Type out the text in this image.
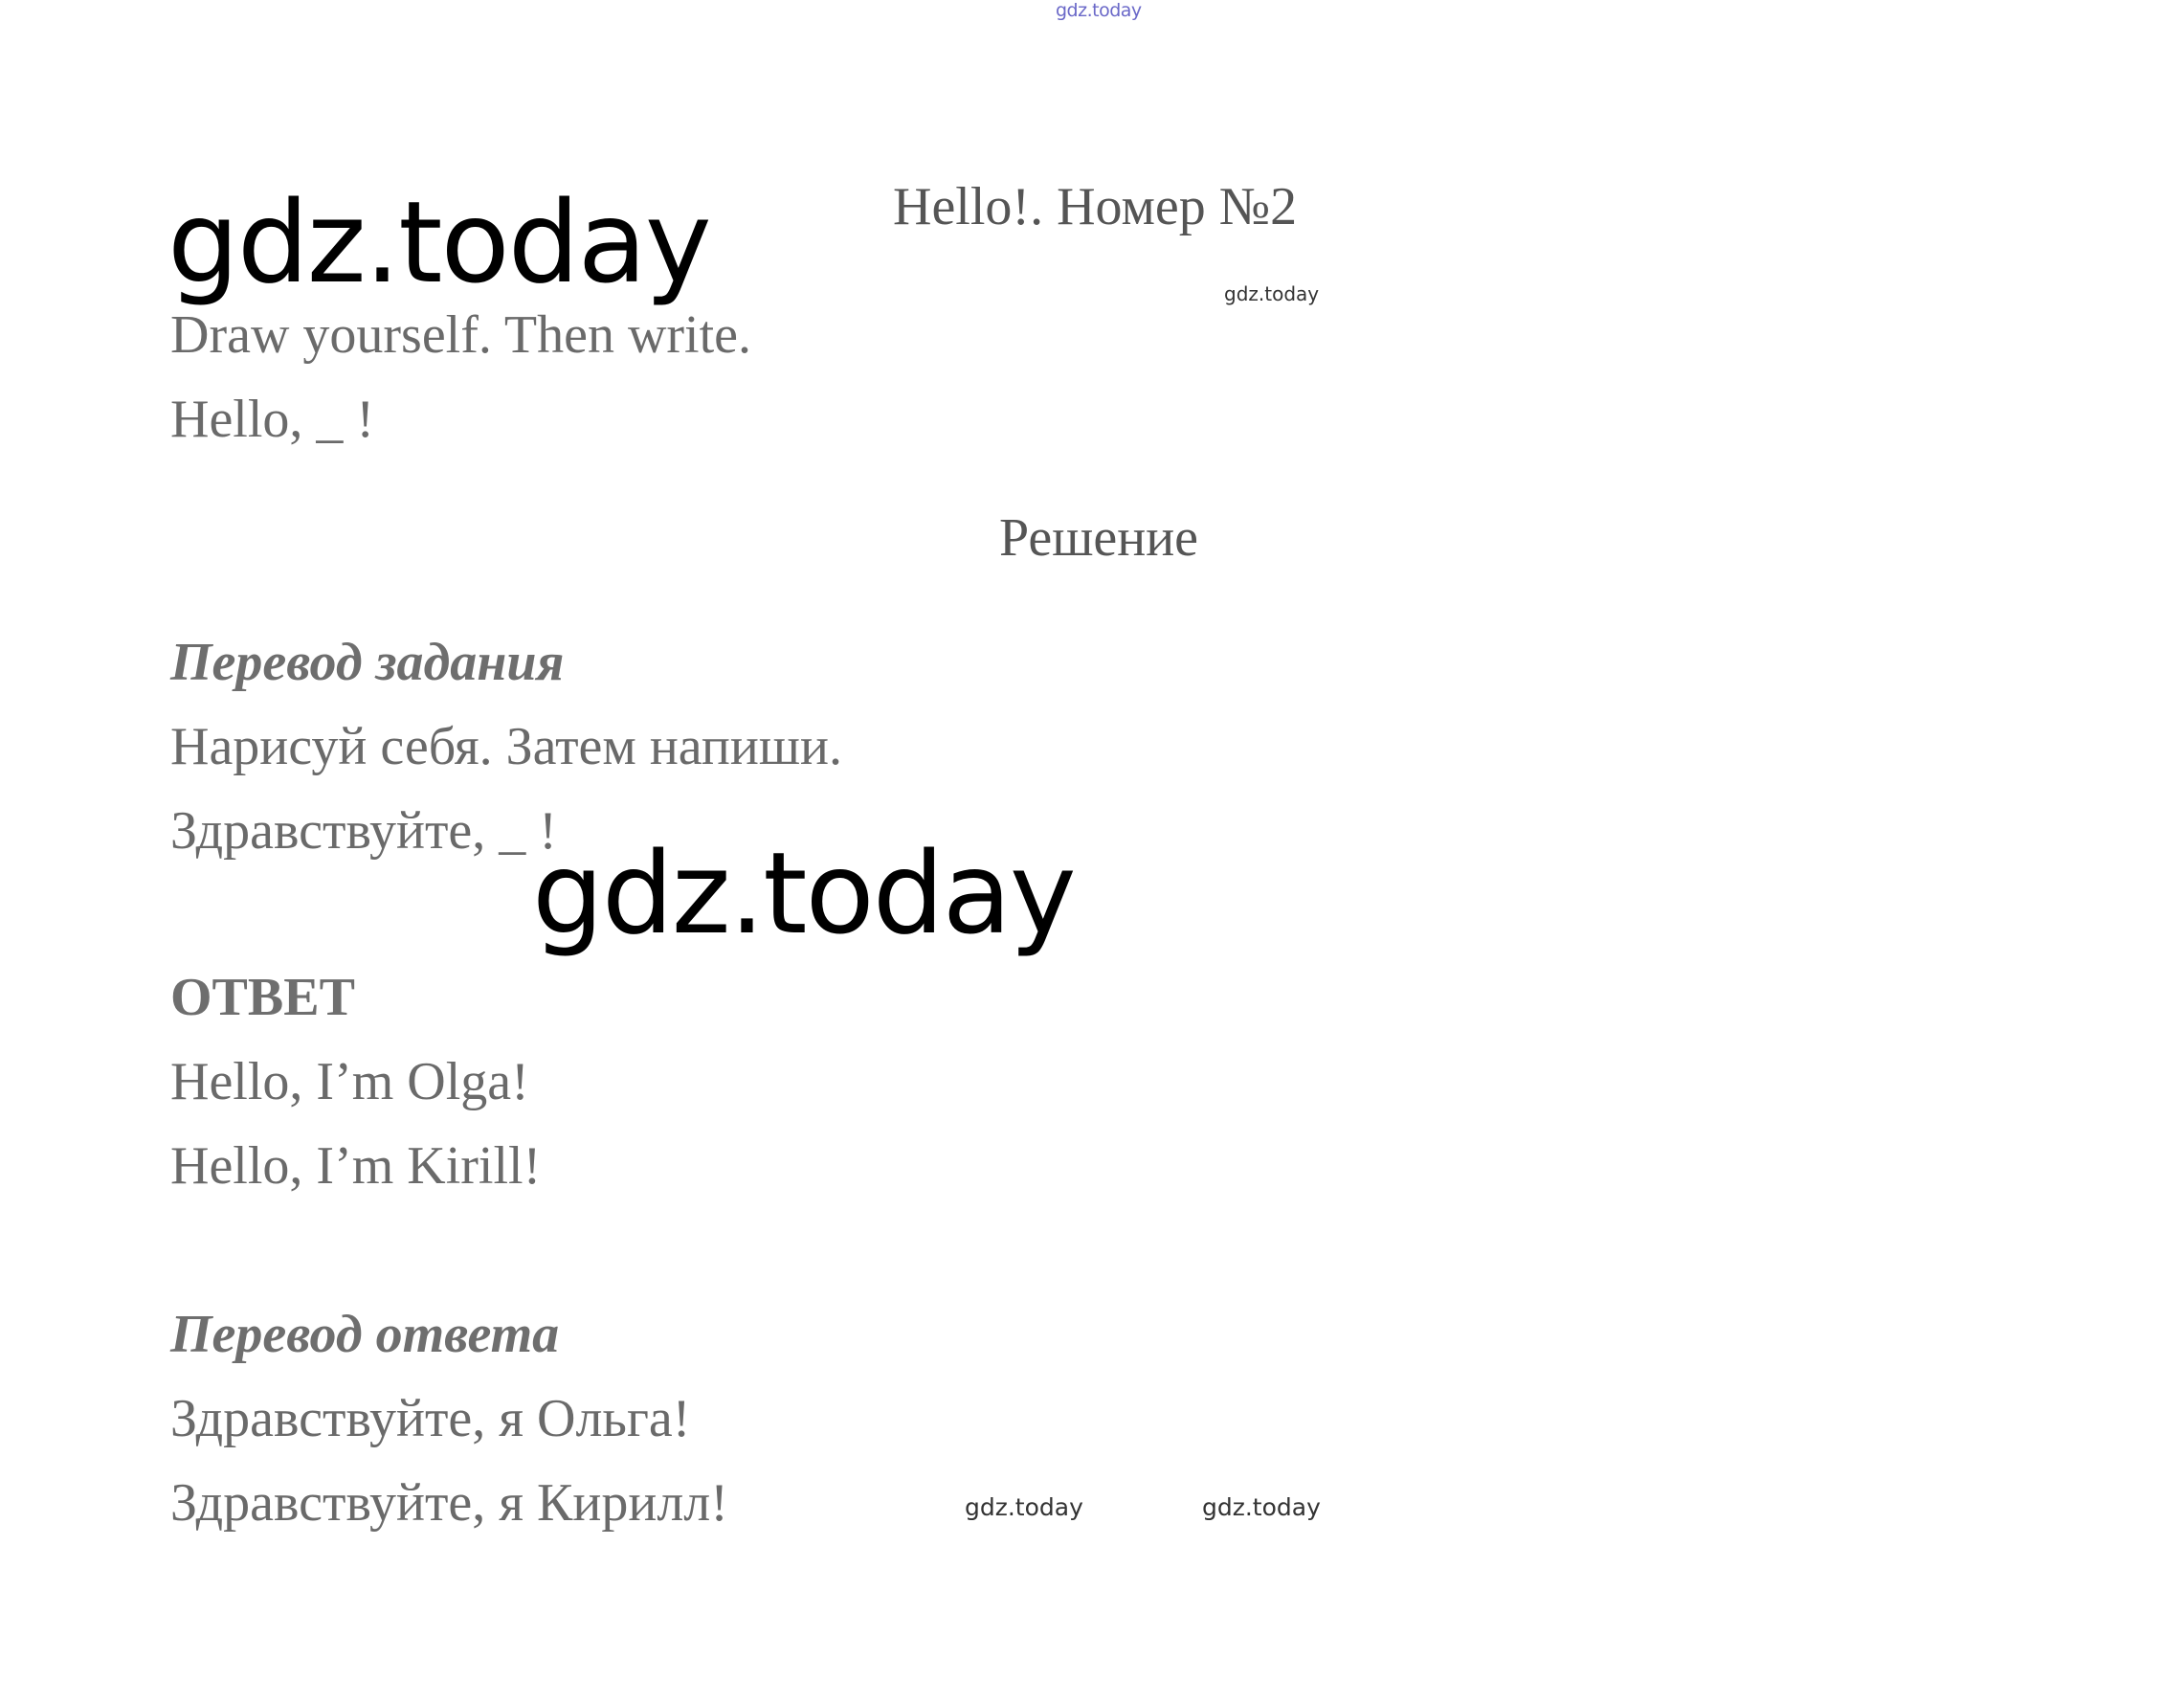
gdz.today
Hello!. Номер №2
gdz.today	gdz.today
Draw yourself. Then write.
Hello, _ !
Решение
Перевод задания
Нарисуй себя. Затем напиши.
Здравствуйте, _ !
gdz.today
ОТВЕТ
Hello, I’m Olga!
Hello, I’m Kirill!
Перевод ответа
Здравствуйте, я Ольга!
Здравствуйте, я Кирилл!	gdz.today	gdz.today
